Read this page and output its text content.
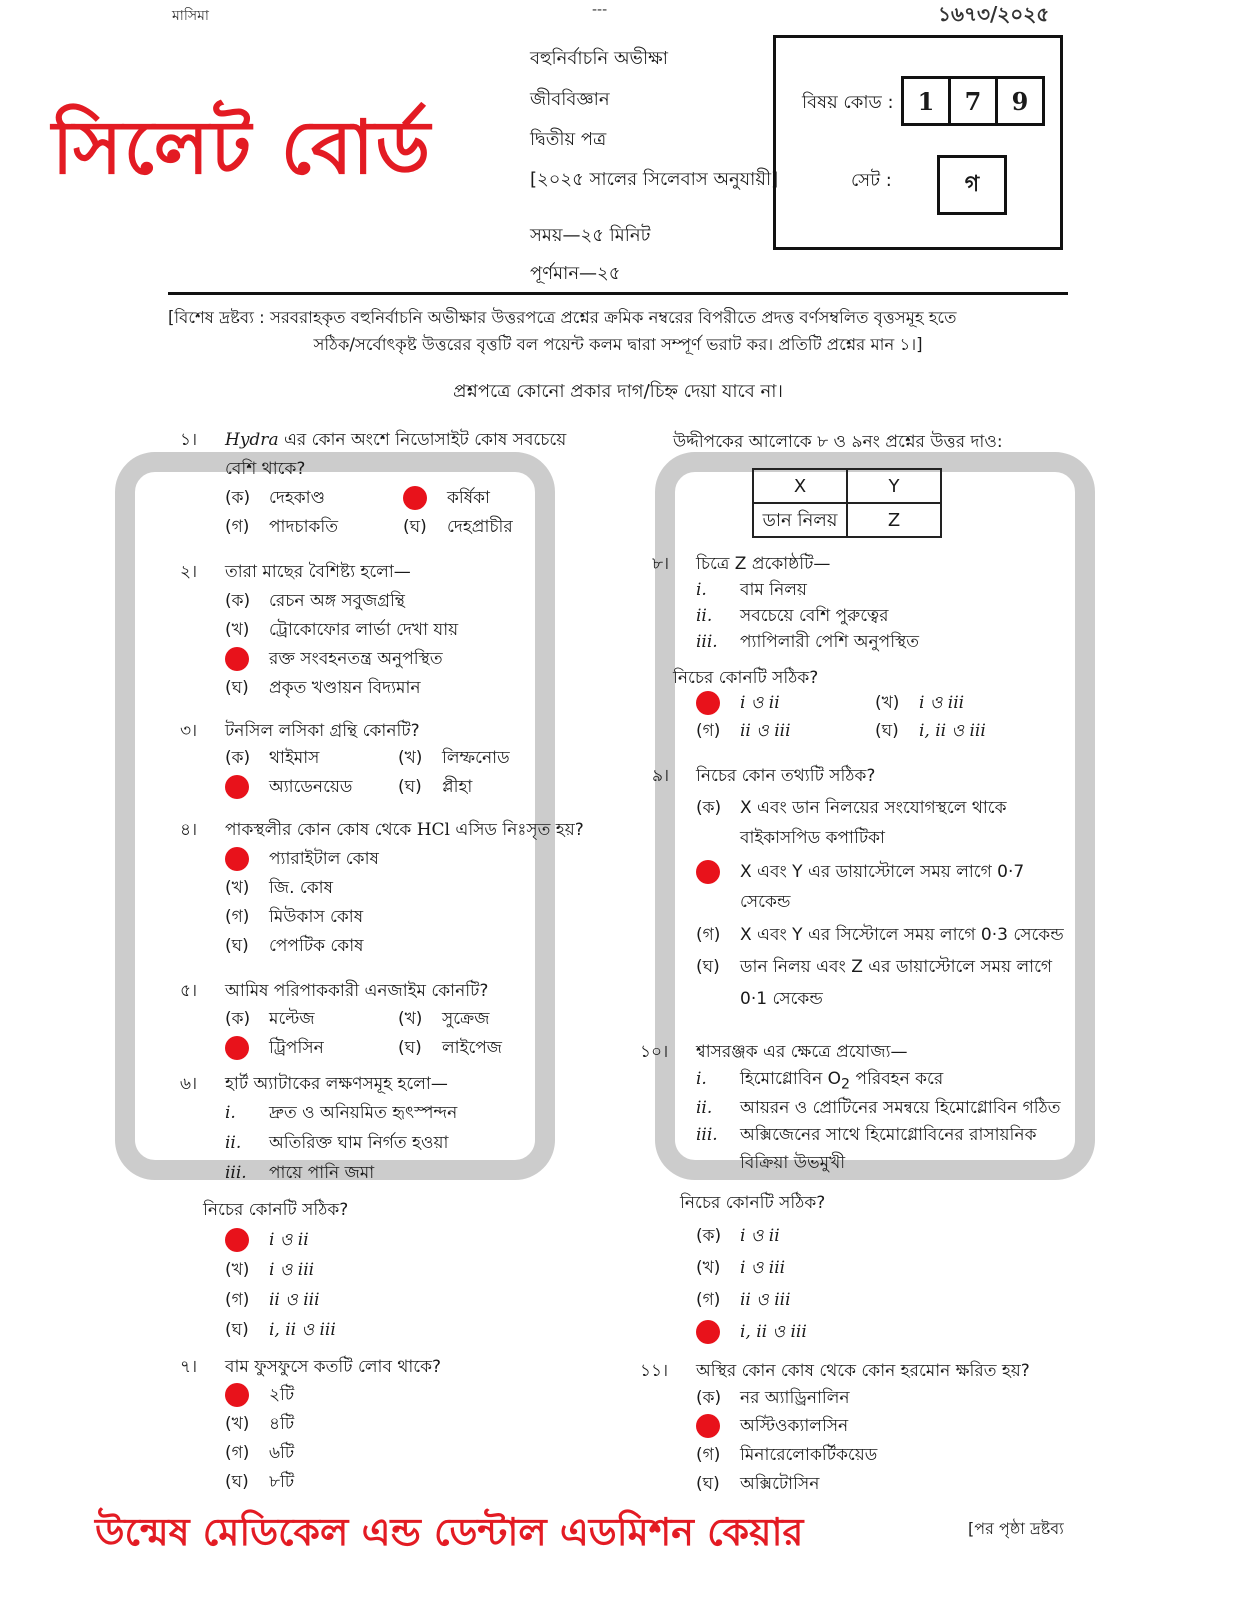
মাসিমা	---	১৬৭৩/২০২৫
সিলেট বোর্ড
বহুনির্বাচনি অভীক্ষা
জীববিজ্ঞান
দ্বিতীয় পত্র
[২০২৫ সালের সিলেবাস অনুযায়ী]
সময়—২৫ মিনিট
পূর্ণমান—২৫
বিষয় কোড :	1	7	9
সেট :	গ
[বিশেষ দ্রষ্টব্য : সরবরাহকৃত বহুনির্বাচনি অভীক্ষার উত্তরপত্রে প্রশ্নের ক্রমিক নম্বরের বিপরীতে প্রদত্ত বর্ণসম্বলিত বৃত্তসমূহ হতে
সঠিক/সর্বোৎকৃষ্ট উত্তরের বৃত্তটি বল পয়েন্ট কলম দ্বারা সম্পূর্ণ ভরাট কর। প্রতিটি প্রশ্নের মান ১।]
প্রশ্নপত্রে কোনো প্রকার দাগ/চিহ্ন দেয়া যাবে না।
১। Hydra এর কোন অংশে নিডোসাইট কোষ সবচেয়ে
বেশি থাকে?
(ক) দেহকাণ্ড	কর্ষিকা
(গ) পাদচাকতি	(ঘ) দেহপ্রাচীর
২। তারা মাছের বৈশিষ্ট্য হলো—
(ক) রেচন অঙ্গ সবুজগ্রন্থি
(খ) ট্রোকোফোর লার্ভা দেখা যায়
রক্ত সংবহনতন্ত্র অনুপস্থিত
(ঘ) প্রকৃত খণ্ডায়ন বিদ্যমান
৩। টনসিল লসিকা গ্রন্থি কোনটি?
(ক) থাইমাস	(খ) লিম্ফনোড
অ্যাডেনয়েড	(ঘ) প্লীহা
৪। পাকস্থলীর কোন কোষ থেকে HCl এসিড নিঃসৃত হয়?
প্যারাইটাল কোষ
(খ) জি. কোষ
(গ) মিউকাস কোষ
(ঘ) পেপটিক কোষ
৫। আমিষ পরিপাককারী এনজাইম কোনটি?
(ক) মল্টেজ	(খ) সুক্রেজ
ট্রিপসিন	(ঘ) লাইপেজ
৬। হার্ট অ্যাটাকের লক্ষণসমূহ হলো—
i. দ্রুত ও অনিয়মিত হৃৎস্পন্দন
ii. অতিরিক্ত ঘাম নির্গত হওয়া
iii. পায়ে পানি জমা
নিচের কোনটি সঠিক?
i ও ii
(খ) i ও iii
(গ) ii ও iii
(ঘ) i, ii ও iii
৭। বাম ফুসফুসে কতটি লোব থাকে?
২টি
(খ) ৪টি
(গ) ৬টি
(ঘ) ৮টি
উদ্দীপকের আলোকে ৮ ও ৯নং প্রশ্নের উত্তর দাও:
X	Y
ডান নিলয়	Z
৮। চিত্রে Z প্রকোষ্ঠটি—
i. বাম নিলয়
ii. সবচেয়ে বেশি পুরুত্বের
iii. প্যাপিলারী পেশি অনুপস্থিত
নিচের কোনটি সঠিক?
i ও ii	(খ) i ও iii
(গ) ii ও iii	(ঘ) i, ii ও iii
৯। নিচের কোন তথ্যটি সঠিক?
(ক) X এবং ডান নিলয়ের সংযোগস্থলে থাকে
বাইকাসপিড কপাটিকা
X এবং Y এর ডায়াস্টোলে সময় লাগে 0·7
সেকেন্ড
(গ) X এবং Y এর সিস্টোলে সময় লাগে 0·3 সেকেন্ড
(ঘ) ডান নিলয় এবং Z এর ডায়াস্টোলে সময় লাগে
0·1 সেকেন্ড
১০। শ্বাসরঞ্জক এর ক্ষেত্রে প্রযোজ্য—
i. হিমোগ্লোবিন $O_2$ পরিবহন করে
ii. আয়রন ও প্রোটিনের সমন্বয়ে হিমোগ্লোবিন গঠিত
iii. অক্সিজেনের সাথে হিমোগ্লোবিনের রাসায়নিক
বিক্রিয়া উভমুখী
নিচের কোনটি সঠিক?
(ক) i ও ii
(খ) i ও iii
(গ) ii ও iii
i, ii ও iii
১১। অস্থির কোন কোষ থেকে কোন হরমোন ক্ষরিত হয়?
(ক) নর অ্যাড্রিনালিন
অস্টিওক্যালসিন
(গ) মিনারেলোকর্টিকয়েড
(ঘ) অক্সিটোসিন
উন্মেষ মেডিকেল এন্ড ডেন্টাল এডমিশন কেয়ার	[পর পৃষ্ঠা দ্রষ্টব্য
